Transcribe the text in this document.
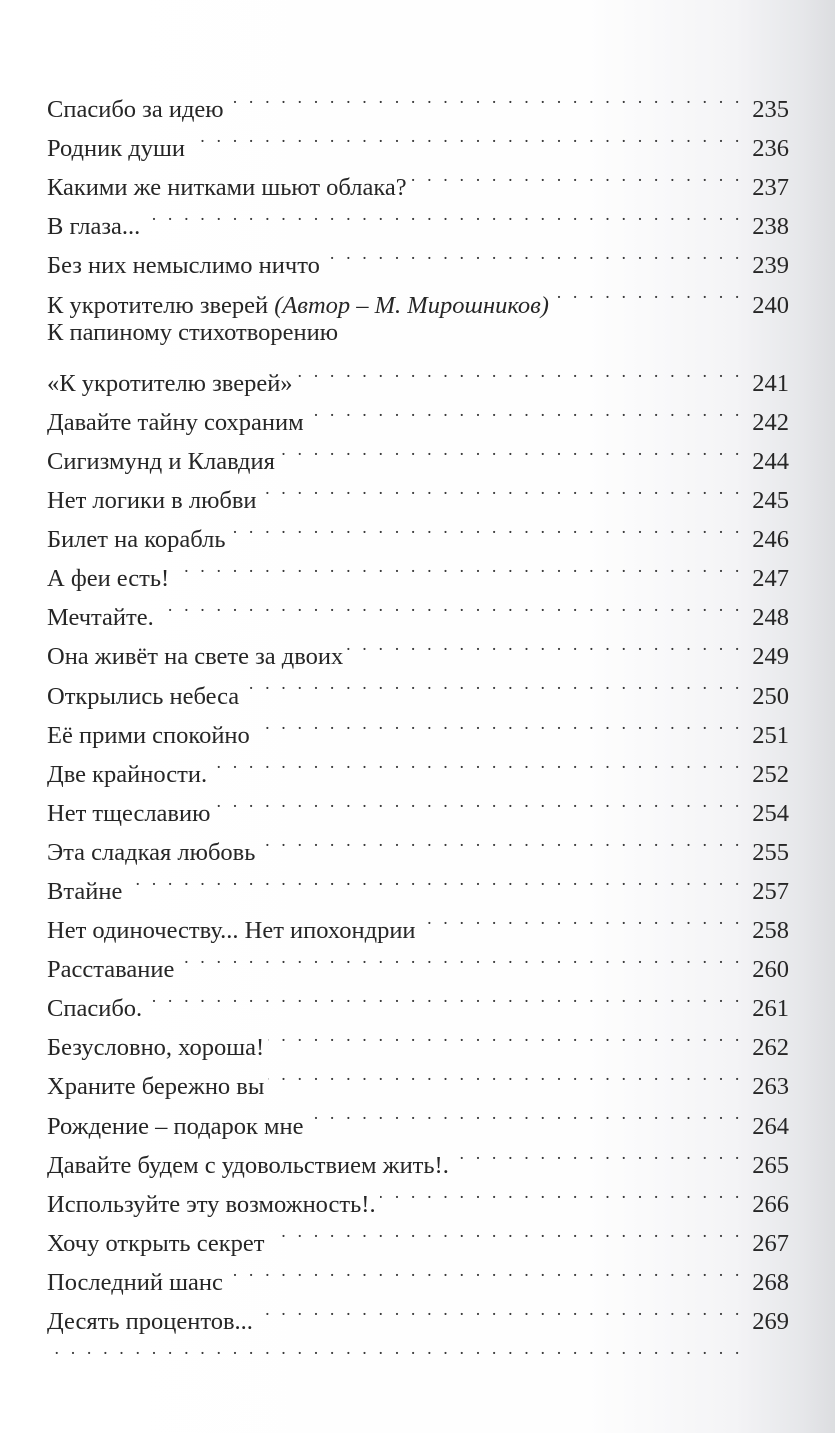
Спасибо за идею . . .	235
Родник души . . .	236
Какими же нитками шьют облака? . . .	237
В глаза... . . .	238
Без них немыслимо ничто . . .	239
К укротителю зверей (Автор – М. Мирошников) . . .	240
К папиному стихотворению
«К укротителю зверей» . . .	241
Давайте тайну сохраним . . .	242
Сигизмунд и Клавдия . . .	244
Нет логики в любви . . .	245
Билет на корабль . . .	246
А феи есть! . . .	247
Мечтайте. . . .	248
Она живёт на свете за двоих . . .	249
Открылись небеса . . .	250
Её прими спокойно . . .	251
Две крайности. . . .	252
Нет тщеславию . . .	254
Эта сладкая любовь . . .	255
Втайне . . .	257
Нет одиночеству... Нет ипохондрии . . .	258
Расставание . . .	260
Спасибо. . . .	261
Безусловно, хороша! . . .	262
Храните бережно вы . . .	263
Рождение – подарок мне . . .	264
Давайте будем с удовольствием жить!. . . .	265
Используйте эту возможность!. . . .	266
Хочу открыть секрет . . .	267
Последний шанс . . .	268
Десять процентов... . . .	269
. . .
